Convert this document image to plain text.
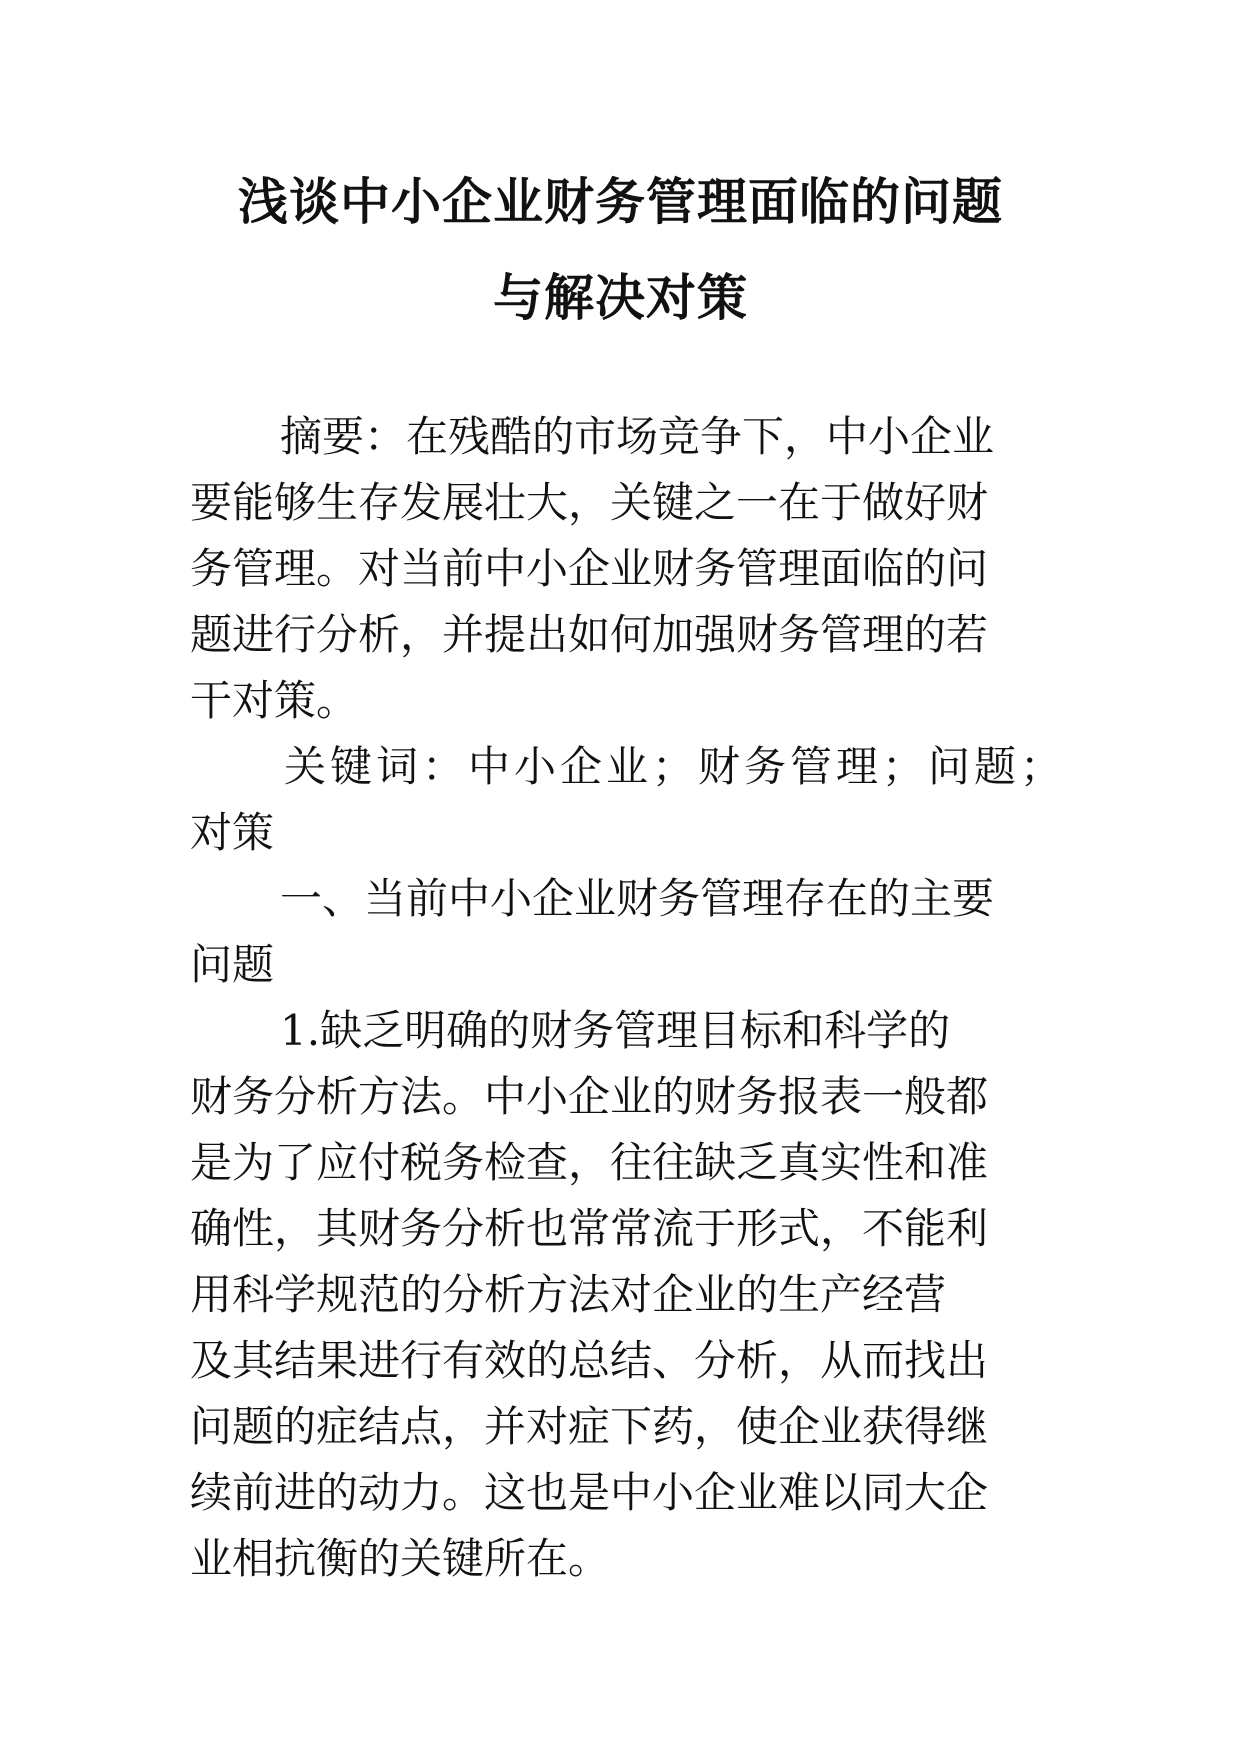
浅谈中小企业财务管理面临的问题
与解决对策
摘要：在残酷的市场竞争下，中小企业
要能够生存发展壮大，关键之一在于做好财
务管理。对当前中小企业财务管理面临的问
题进行分析，并提出如何加强财务管理的若
干对策。
关键词：中小企业；财务管理；问题；
对策
一、当前中小企业财务管理存在的主要
问题
1.缺乏明确的财务管理目标和科学的
财务分析方法。中小企业的财务报表一般都
是为了应付税务检查，往往缺乏真实性和准
确性，其财务分析也常常流于形式，不能利
用科学规范的分析方法对企业的生产经营
及其结果进行有效的总结、分析，从而找出
问题的症结点，并对症下药，使企业获得继
续前进的动力。这也是中小企业难以同大企
业相抗衡的关键所在。
